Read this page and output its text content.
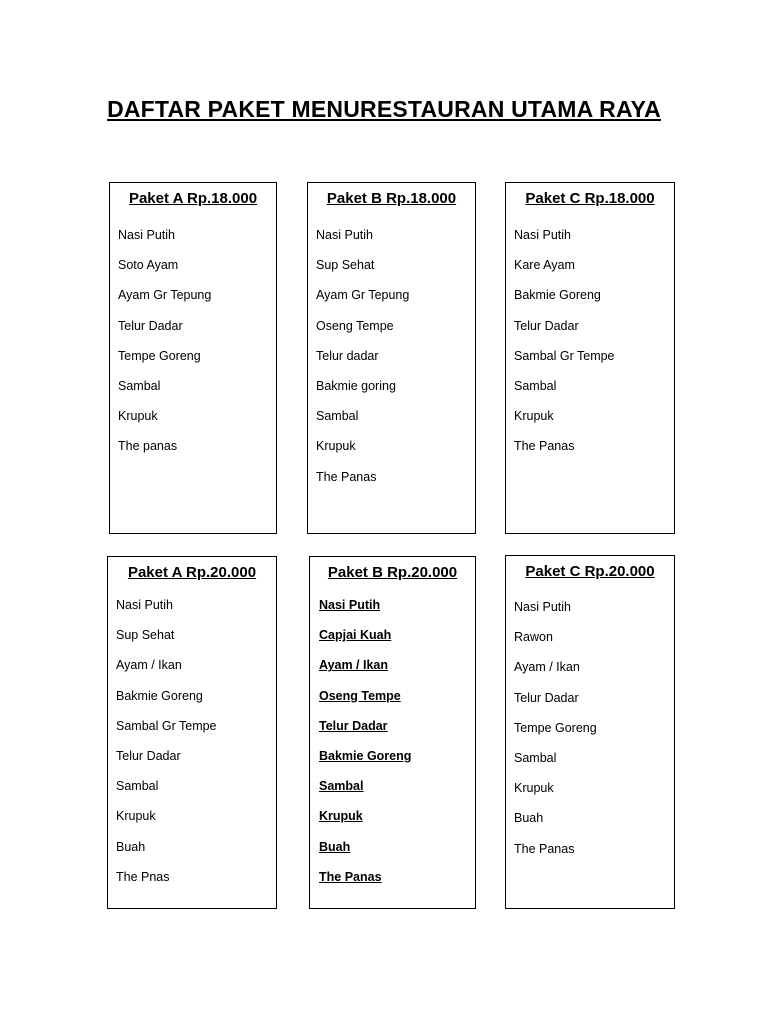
DAFTAR PAKET MENURESTAURAN UTAMA RAYA
Paket A Rp.18.000
Nasi Putih
Soto Ayam
Ayam Gr Tepung
Telur Dadar
Tempe Goreng
Sambal
Krupuk
The panas
Paket B Rp.18.000
Nasi Putih
Sup Sehat
Ayam Gr Tepung
Oseng Tempe
Telur dadar
Bakmie goring
Sambal
Krupuk
The Panas
Paket C Rp.18.000
Nasi Putih
Kare Ayam
Bakmie Goreng
Telur Dadar
Sambal Gr Tempe
Sambal
Krupuk
The Panas
Paket A Rp.20.000
Nasi Putih
Sup Sehat
Ayam / Ikan
Bakmie Goreng
Sambal Gr Tempe
Telur Dadar
Sambal
Krupuk
Buah
The Pnas
Paket B Rp.20.000
Nasi Putih
Capjai Kuah
Ayam / Ikan
Oseng Tempe
Telur Dadar
Bakmie Goreng
Sambal
Krupuk
Buah
The Panas
Paket C Rp.20.000
Nasi Putih
Rawon
Ayam / Ikan
Telur Dadar
Tempe Goreng
Sambal
Krupuk
Buah
The Panas
